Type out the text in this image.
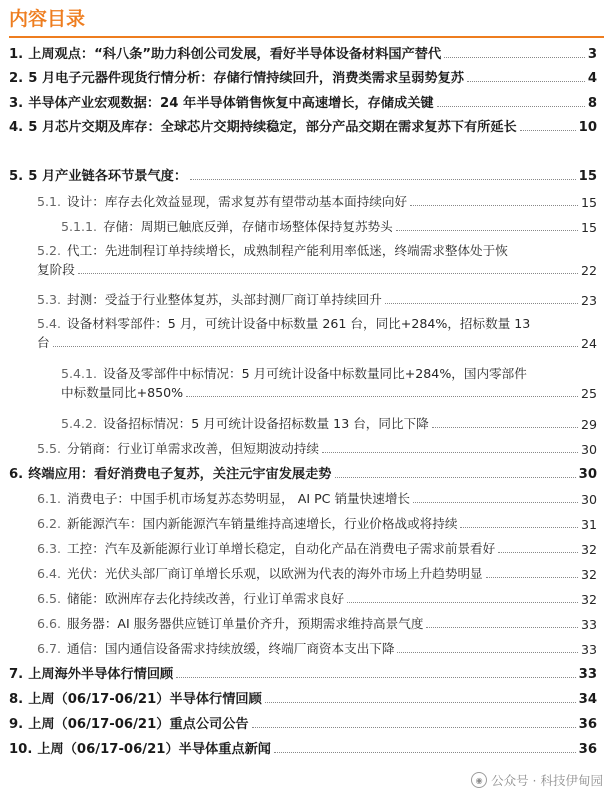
内容目录
1. 上周观点：“科八条”助力科创公司发展，看好半导体设备材料国产替代	3
2. 5 月电子元器件现货行情分析：存储行情持续回升，消费类需求呈弱势复苏	4
3. 半导体产业宏观数据：24 年半导体销售恢复中高速增长，存储成关键	8
4. 5 月芯片交期及库存：全球芯片交期持续稳定，部分产品交期在需求复苏下有所延长	10
5. 5 月产业链各环节景气度：	15
5.1. 设计：库存去化效益显现，需求复苏有望带动基本面持续向好	15
5.1.1. 存储：周期已触底反弹，存储市场整体保持复苏势头	15
5.2. 代工：先进制程订单持续增长，成熟制程产能利用率低迷，终端需求整体处于恢
复阶段	22
5.3. 封测：受益于行业整体复苏，头部封测厂商订单持续回升	23
5.4. 设备材料零部件：5 月，可统计设备中标数量 261 台，同比+284%，招标数量 13
台	24
5.4.1. 设备及零部件中标情况：5 月可统计设备中标数量同比+284%，国内零部件
中标数量同比+850%	25
5.4.2. 设备招标情况：5 月可统计设备招标数量 13 台，同比下降	29
5.5. 分销商：行业订单需求改善，但短期波动持续	30
6. 终端应用：看好消费电子复苏，关注元宇宙发展走势	30
6.1. 消费电子：中国手机市场复苏态势明显， AI PC 销量快速增长	30
6.2. 新能源汽车：国内新能源汽车销量维持高速增长，行业价格战或将持续	31
6.3. 工控：汽车及新能源行业订单增长稳定，自动化产品在消费电子需求前景看好	32
6.4. 光伏：光伏头部厂商订单增长乐观，以欧洲为代表的海外市场上升趋势明显	32
6.5. 储能：欧洲库存去化持续改善，行业订单需求良好	32
6.6. 服务器：AI 服务器供应链订单量价齐升，预期需求维持高景气度	33
6.7. 通信：国内通信设备需求持续放缓，终端厂商资本支出下降	33
7. 上周海外半导体行情回顾	33
8. 上周（06/17-06/21）半导体行情回顾	34
9. 上周（06/17-06/21）重点公司公告	36
10. 上周（06/17-06/21）半导体重点新闻	36
◉ 公众号 · 科技伊甸园
